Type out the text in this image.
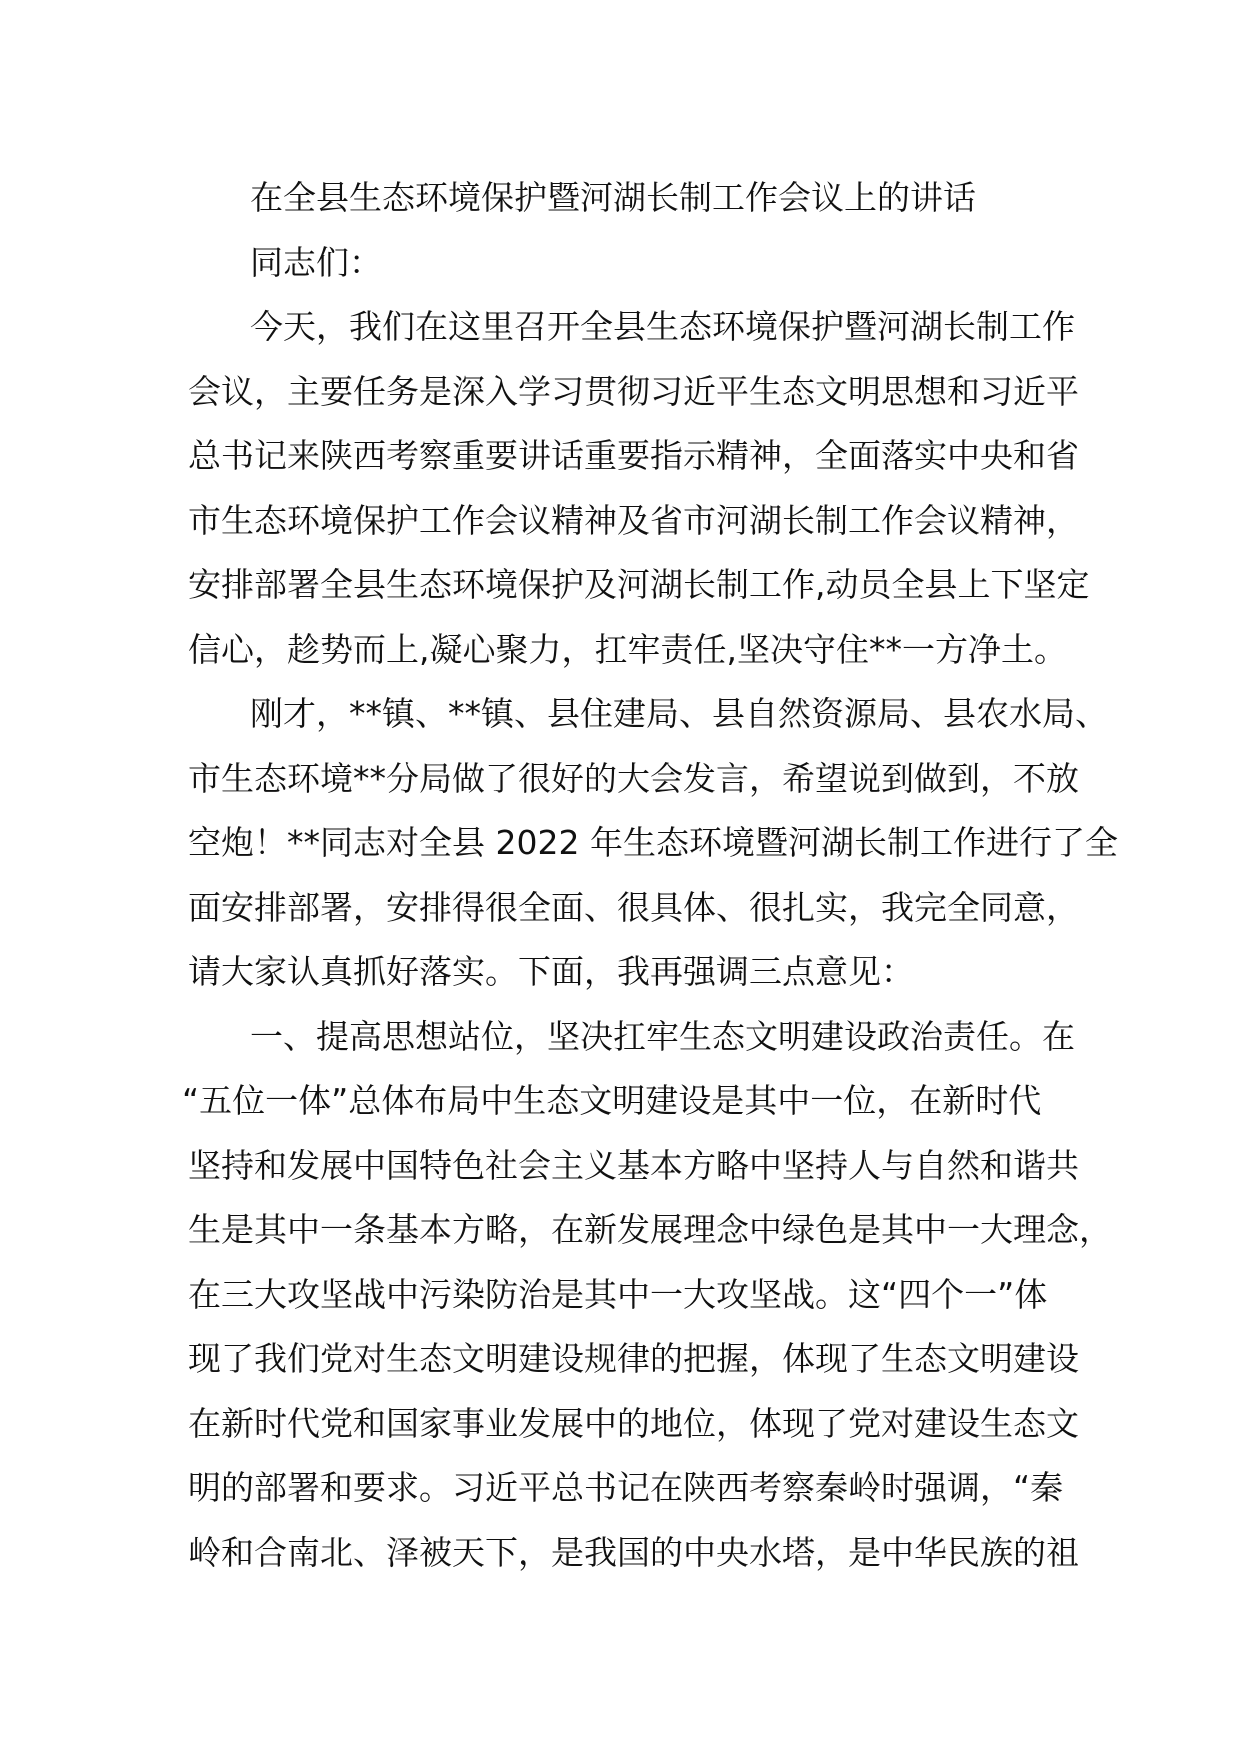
在全县生态环境保护暨河湖长制工作会议上的讲话
同志们：
今天，我们在这里召开全县生态环境保护暨河湖长制工作
会议，主要任务是深入学习贯彻习近平生态文明思想和习近平
总书记来陕西考察重要讲话重要指示精神，全面落实中央和省
市生态环境保护工作会议精神及省市河湖长制工作会议精神，
安排部署全县生态环境保护及河湖长制工作,动员全县上下坚定
信心，趁势而上,凝心聚力，扛牢责任,坚决守住**一方净土。
刚才，**镇、**镇、县住建局、县自然资源局、县农水局、
市生态环境**分局做了很好的大会发言，希望说到做到，不放
空炮！**同志对全县 2022 年生态环境暨河湖长制工作进行了全
面安排部署，安排得很全面、很具体、很扎实，我完全同意，
请大家认真抓好落实。下面，我再强调三点意见：
一、提高思想站位，坚决扛牢生态文明建设政治责任。在
“五位一体”总体布局中生态文明建设是其中一位，在新时代
坚持和发展中国特色社会主义基本方略中坚持人与自然和谐共
生是其中一条基本方略，在新发展理念中绿色是其中一大理念，
在三大攻坚战中污染防治是其中一大攻坚战。这“四个一”体
现了我们党对生态文明建设规律的把握，体现了生态文明建设
在新时代党和国家事业发展中的地位，体现了党对建设生态文
明的部署和要求。习近平总书记在陕西考察秦岭时强调，“秦
岭和合南北、泽被天下，是我国的中央水塔，是中华民族的祖
